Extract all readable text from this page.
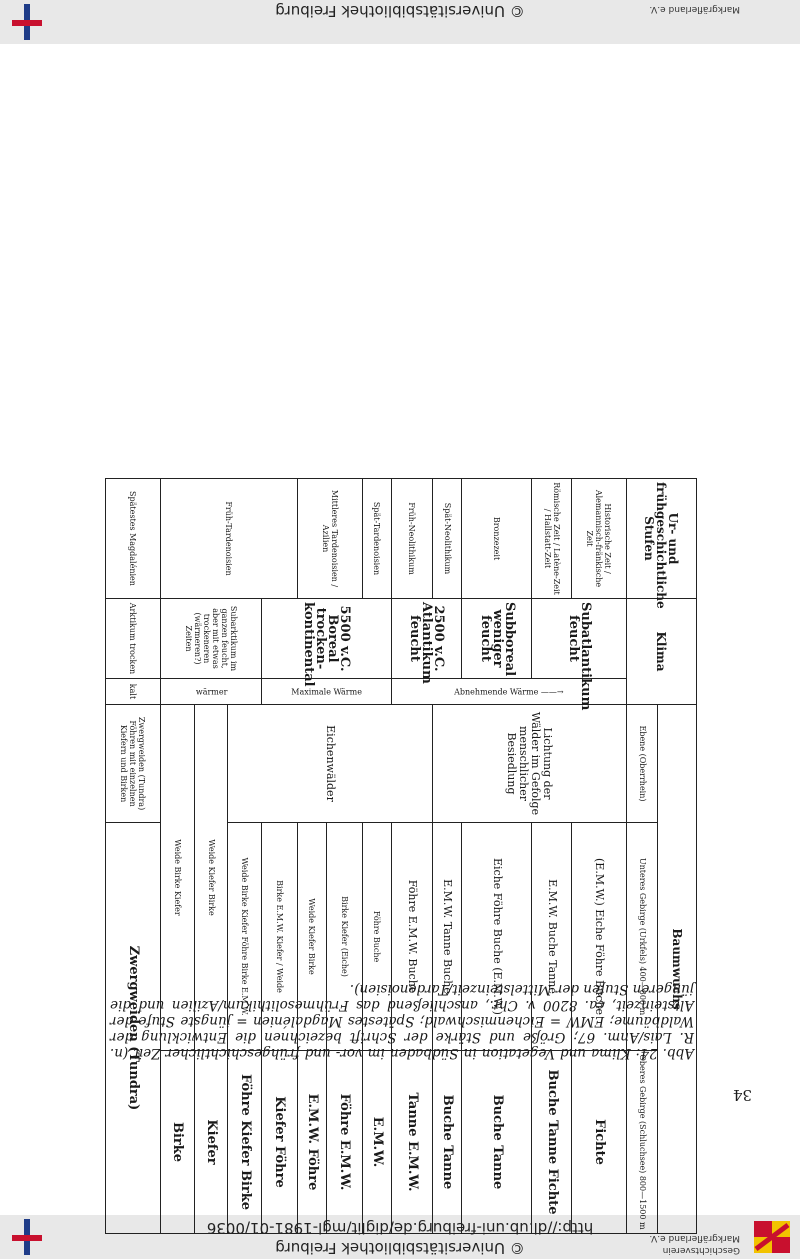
Geschichtsverein
Markgräflerland e.V.
© Universitätsbibliothek Freiburg
http://dl.ub.uni-freiburg.de/diglit/mgl-1981-01/0036
Markgräflerland e.V.
© Universitätsbibliothek Freiburg
34
Abb. 24: Klima und Vegetation in Südbaden im vor- und frühgeschichtlicher Zeit (n. R. Lais/Anm. 67; Größe und Stärke der Schrift bezeichnen die Entwicklung der Waldbäume; EMW = Eichenmischwald; Spätestes Magdalénien = jüngste Stufe der Altsteinzeit, ca. 8200 v. Chr., anschließend das Frühmesolithikum/Azilien und die jüngeren Stufen der Mittelsteinzeit/Tardenoisien).
Ur- und frühgeschichtliche Stufen	Klima		Baumwuchs		
			Ebene (Oberrhein)	Unteres Gebirge (Urkfels) 400—800 m	Oberes Gebirge (Schluchsee) 800—1500 m
Historische Zeit / Alemannisch-fränkische Zeit	Subatlantikum feucht	Abnehmende Wärme ——→	Lichtung der Wälder im Gefolge menschlicher Besiedlung	(E.M.W.) Eiche Föhre Buche	Fichte
Römische Zeit / Latène-Zeit / Hallstatt-Zeit				E.M.W. Buche Tanne	Buche Tanne Fichte
Bronzezeit	Subboreal weniger feucht			Eiche Föhre Buche (E.M.W.)	Buche Tanne
Spät-Neolithikum	2500 v.C. Atlantikum feucht			E.M.W. Tanne Buche	Buche Tanne
Früh-Neolithikum			Eichenwälder	Föhre E.M.W. Buche	Tanne E.M.W.
Spät-Tardenoisien	5500 v.C. Boreal trocken-kontinental	Maximale Wärme		Föhre Buche	E.M.W.
Mittleres Tardenoisien / Azilien				Birke Kiefer (Eiche)	Föhre E.M.W.
				Weide Kiefer Birke	E.M.W. Föhre
Früh-Tardenoisien				Birke E.M.W. Kiefer / Weide	Kiefer Föhre
	Subarktikum im ganzen feucht, aber mit etwas trockeneren (wärmeren?) Zeiten	wärmer		Weide Birke Kiefer Föhre Birke E.M.W.	Föhre Kiefer Birke
			Weide Kiefer Birke		Kiefer
			Weide Birke Kiefer		Birke
Spätestes Magdalénien	Arktikum trocken	kalt	Zwergweiden (Tundra) Föhren mit einzelnen Kiefern und Birken	Zwergweiden (Tundra)	
